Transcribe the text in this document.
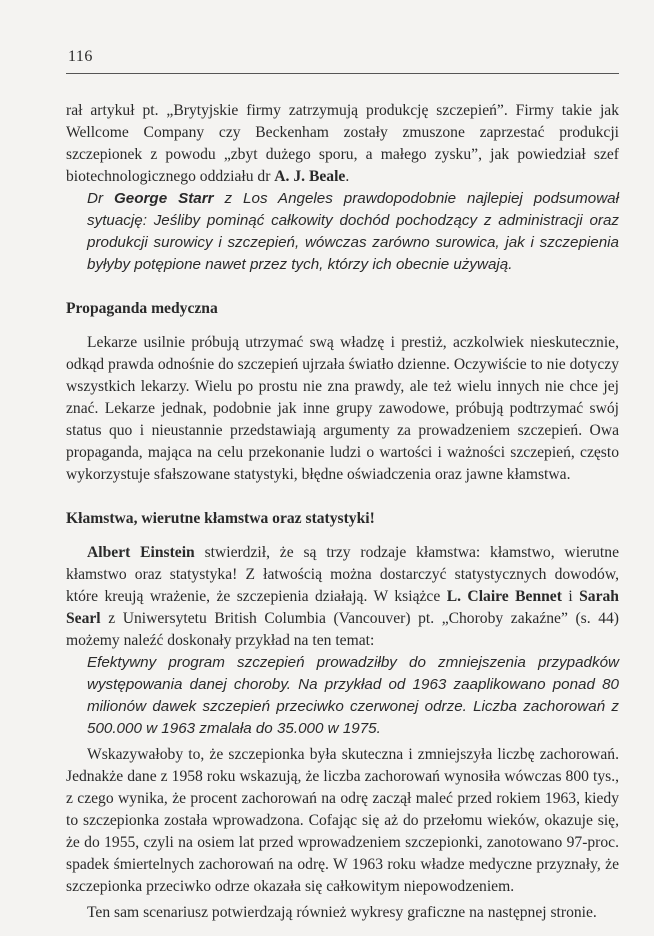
116

rał artykuł pt. „Brytyjskie firmy zatrzymują produkcję szczepień”. Firmy takie jak Wellcome Company czy Beckenham zostały zmuszone zaprzestać produkcji szczepionek z powodu „zbyt dużego sporu, a małego zysku”, jak powiedział szef biotechnologicznego oddziału dr A. J. Beale.

Dr George Starr z Los Angeles prawdopodobnie najlepiej podsumował sytuację: Jeśliby pominąć całkowity dochód pochodzący z administracji oraz produkcji surowicy i szczepień, wówczas zarówno surowica, jak i szczepienia byłyby potępione nawet przez tych, którzy ich obecnie używają.

Propaganda medyczna

Lekarze usilnie próbują utrzymać swą władzę i prestiż, aczkolwiek nieskutecznie, odkąd prawda odnośnie do szczepień ujrzała światło dzienne. Oczywiście to nie dotyczy wszystkich lekarzy. Wielu po prostu nie zna prawdy, ale też wielu innych nie chce jej znać. Lekarze jednak, podobnie jak inne grupy zawodowe, próbują podtrzymać swój status quo i nieustannie przedstawiają argumenty za prowadzeniem szczepień. Owa propaganda, mająca na celu przekonanie ludzi o wartości i ważności szczepień, często wykorzystuje sfałszowane statystyki, błędne oświadczenia oraz jawne kłamstwa.

Kłamstwa, wierutne kłamstwa oraz statystyki!

Albert Einstein stwierdził, że są trzy rodzaje kłamstwa: kłamstwo, wierutne kłamstwo oraz statystyka! Z łatwością można dostarczyć statystycznych dowodów, które kreują wrażenie, że szczepienia działają. W książce L. Claire Bennet i Sarah Searl z Uniwersytetu British Columbia (Vancouver) pt. „Choroby zakaźne” (s. 44) możemy naleźć doskonały przykład na ten temat:

Efektywny program szczepień prowadziłby do zmniejszenia przypadków występowania danej choroby. Na przykład od 1963 zaaplikowano ponad 80 milionów dawek szczepień przeciwko czerwonej odrze. Liczba zachorowań z 500.000 w 1963 zmalała do 35.000 w 1975.

Wskazywałoby to, że szczepionka była skuteczna i zmniejszyła liczbę zachorowań. Jednakże dane z 1958 roku wskazują, że liczba zachorowań wynosiła wówczas 800 tys., z czego wynika, że procent zachorowań na odrę zaczął maleć przed rokiem 1963, kiedy to szczepionka została wprowadzona. Cofając się aż do przełomu wieków, okazuje się, że do 1955, czyli na osiem lat przed wprowadzeniem szczepionki, zanotowano 97-proc. spadek śmiertelnych zachorowań na odrę. W 1963 roku władze medyczne przyznały, że szczepionka przeciwko odrze okazała się całkowitym niepowodzeniem.

Ten sam scenariusz potwierdzają również wykresy graficzne na następnej stronie.
